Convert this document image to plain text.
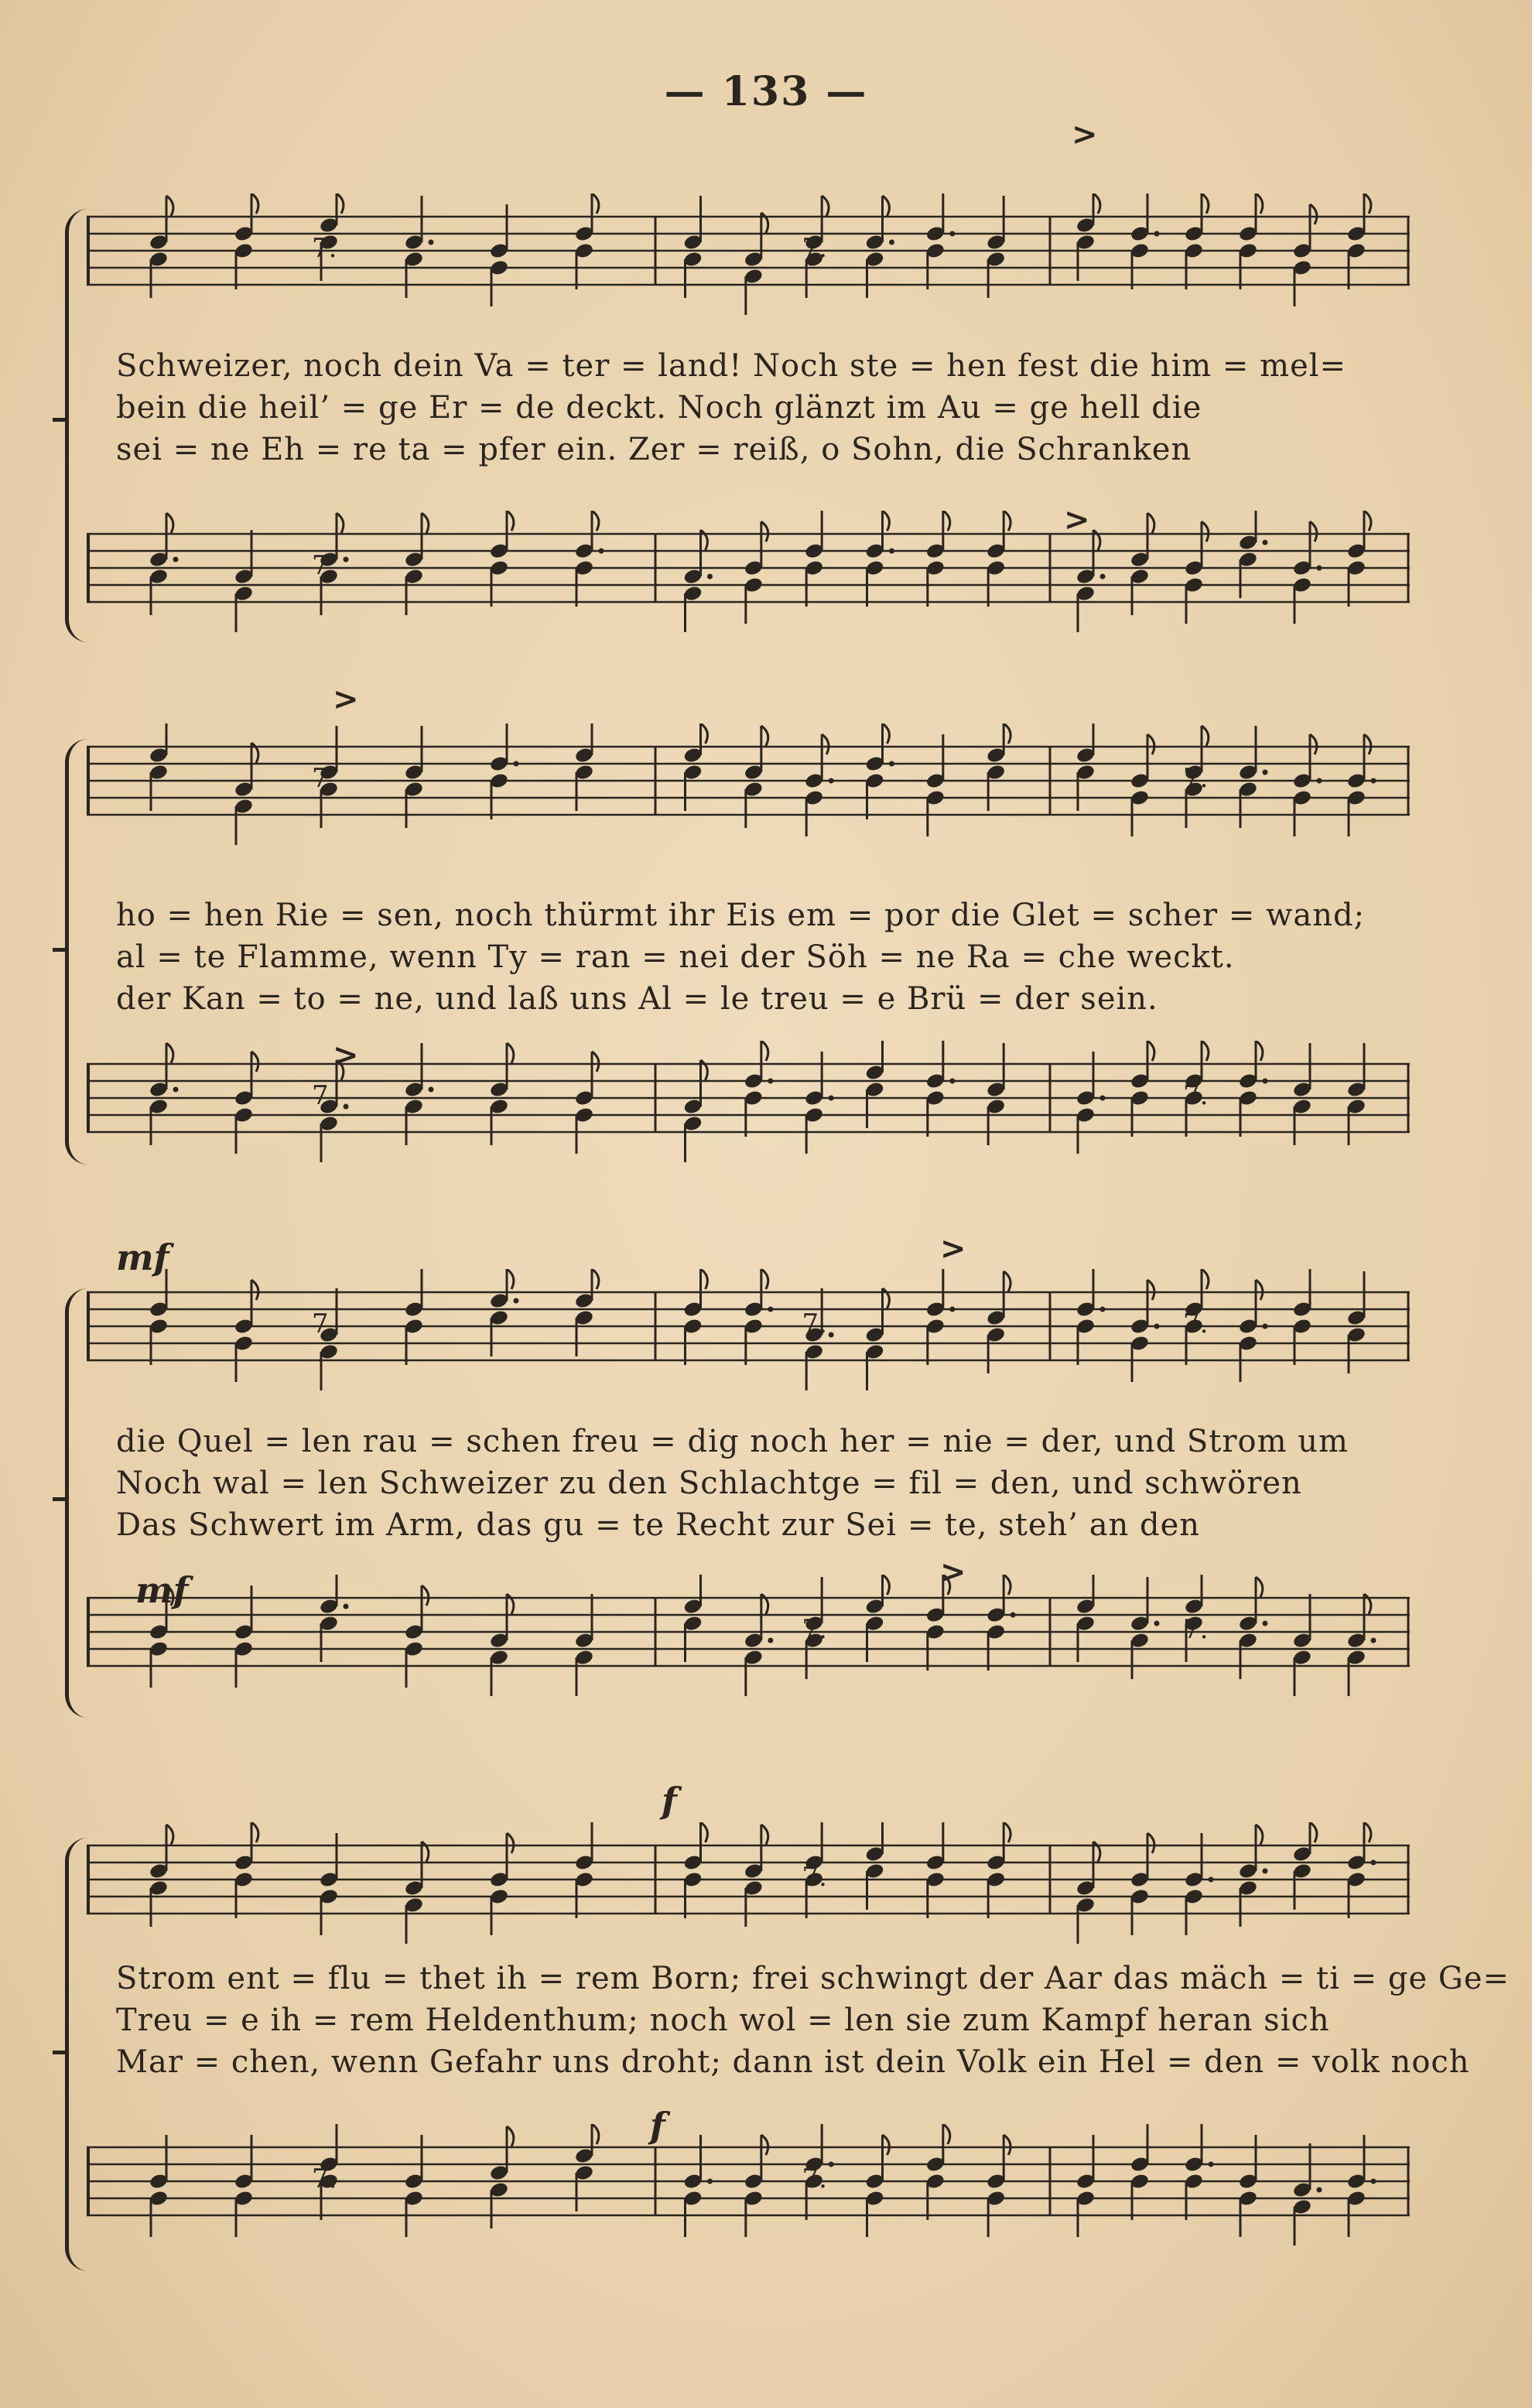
— 133 —
7.	7.
>
Schweizer, noch dein Va = ter = land! Noch ste = hen fest die him = mel=
bein die heil’ = ge Er = de deckt. Noch glänzt im Au = ge hell die
sei = ne Eh = re ta = pfer ein. Zer = reiß, o Sohn, die Schranken
7.
>
7.	7.
>
ho = hen Rie = sen, noch thürmt ihr Eis em = por die Glet = scher = wand;
al = te Flamme, wenn Ty = ran = nei der Söh = ne Ra = che weckt.
der Kan = to = ne, und laß uns Al = le treu = e Brü = der sein.
7.	7.
>
mf
7.	7.	7.
>
die Quel = len rau = schen freu = dig noch her = nie = der, und Strom um
Noch wal = len Schweizer zu den Schlachtge = fil = den, und schwören
Das Schwert im Arm, das gu = te Recht zur Sei = te, steh’ an den
mf
7.	7.
>
7.
f
Strom ent = flu = thet ih = rem Born; frei schwingt der Aar das mäch = ti = ge Ge=
Treu = e ih = rem Heldenthum; noch wol = len sie zum Kampf heran sich
Mar = chen, wenn Gefahr uns droht; dann ist dein Volk ein Hel = den = volk noch
f
7.	7.
